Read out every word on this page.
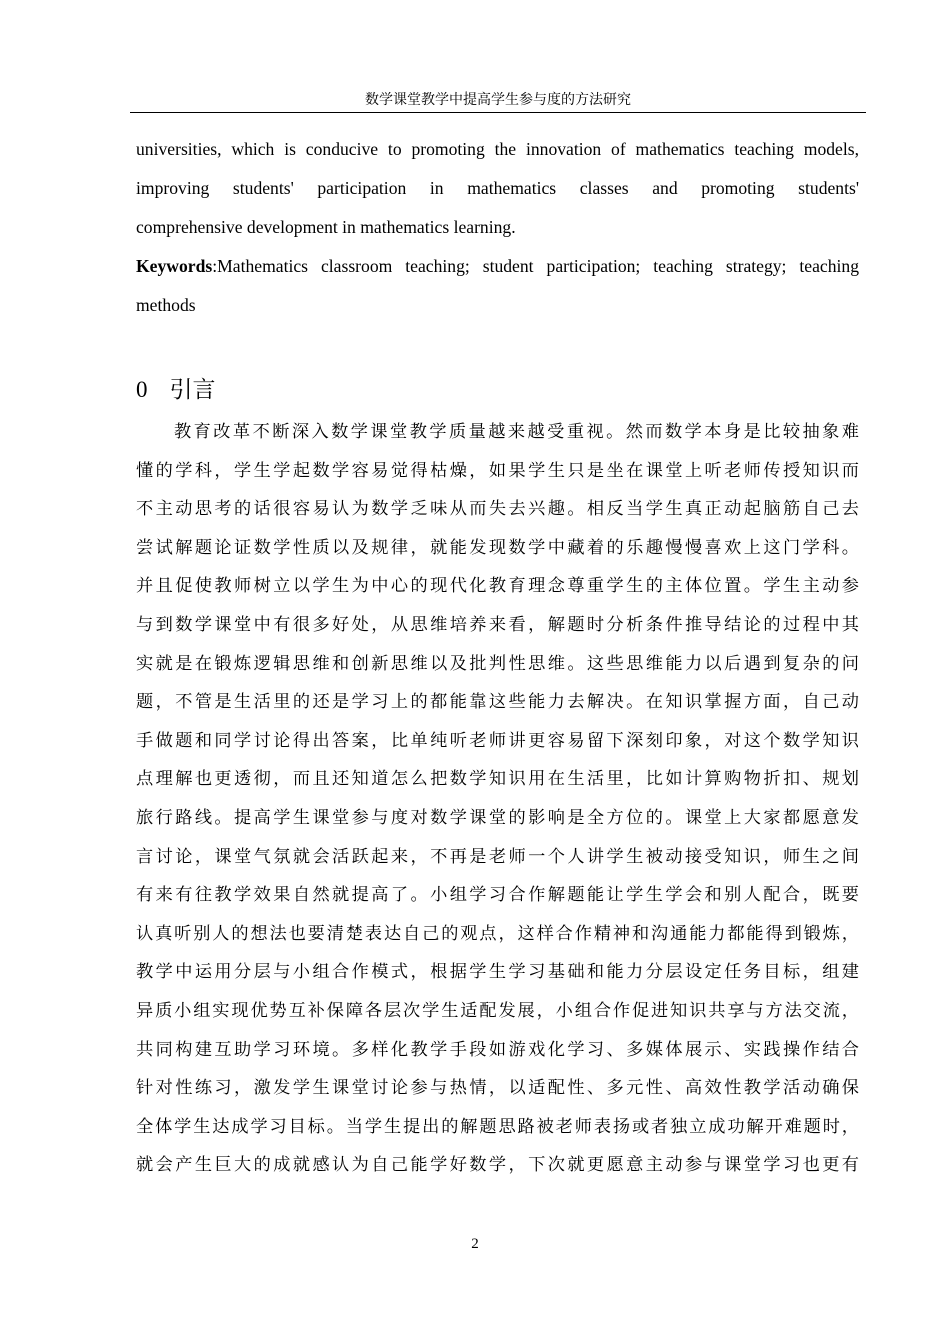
数学课堂教学中提高学生参与度的方法研究

universities, which is conducive to promoting the innovation of mathematics teaching models,

improving students' participation in mathematics classes and promoting students'

comprehensive development in mathematics learning.

Keywords:Mathematics classroom teaching; student participation; teaching strategy; teaching

methods

0 引言
教育改革不断深入数学课堂教学质量越来越受重视。然而数学本身是比较抽象难
懂的学科，学生学起数学容易觉得枯燥，如果学生只是坐在课堂上听老师传授知识而
不主动思考的话很容易认为数学乏味从而失去兴趣。相反当学生真正动起脑筋自己去
尝试解题论证数学性质以及规律，就能发现数学中藏着的乐趣慢慢喜欢上这门学科。
并且促使教师树立以学生为中心的现代化教育理念尊重学生的主体位置。学生主动参
与到数学课堂中有很多好处，从思维培养来看，解题时分析条件推导结论的过程中其
实就是在锻炼逻辑思维和创新思维以及批判性思维。这些思维能力以后遇到复杂的问
题，不管是生活里的还是学习上的都能靠这些能力去解决。在知识掌握方面，自己动
手做题和同学讨论得出答案，比单纯听老师讲更容易留下深刻印象，对这个数学知识
点理解也更透彻，而且还知道怎么把数学知识用在生活里，比如计算购物折扣、规划
旅行路线。提高学生课堂参与度对数学课堂的影响是全方位的。课堂上大家都愿意发
言讨论，课堂气氛就会活跃起来，不再是老师一个人讲学生被动接受知识，师生之间
有来有往教学效果自然就提高了。小组学习合作解题能让学生学会和别人配合，既要
认真听别人的想法也要清楚表达自己的观点，这样合作精神和沟通能力都能得到锻炼，
教学中运用分层与小组合作模式，根据学生学习基础和能力分层设定任务目标，组建
异质小组实现优势互补保障各层次学生适配发展，小组合作促进知识共享与方法交流，
共同构建互助学习环境。多样化教学手段如游戏化学习、多媒体展示、实践操作结合
针对性练习，激发学生课堂讨论参与热情，以适配性、多元性、高效性教学活动确保
全体学生达成学习目标。当学生提出的解题思路被老师表扬或者独立成功解开难题时，
就会产生巨大的成就感认为自己能学好数学，下次就更愿意主动参与课堂学习也更有
2
